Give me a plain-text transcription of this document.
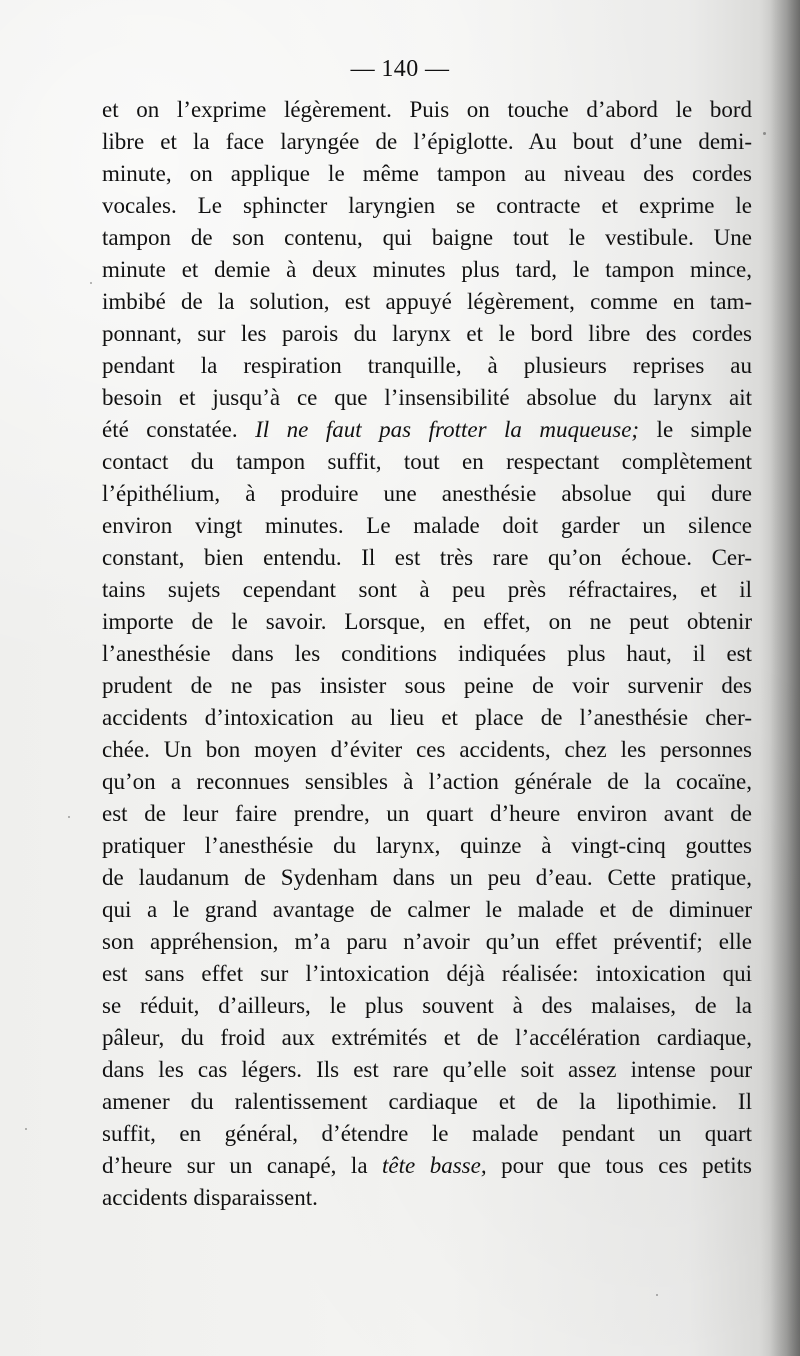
— 140 —
et on l’exprime légèrement. Puis on touche d’abord le bord
libre et la face laryngée de l’épiglotte. Au bout d’une demi-
minute, on applique le même tampon au niveau des cordes
vocales. Le sphincter laryngien se contracte et exprime le
tampon de son contenu, qui baigne tout le vestibule. Une
minute et demie à deux minutes plus tard, le tampon mince,
imbibé de la solution, est appuyé légèrement, comme en tam-
ponnant, sur les parois du larynx et le bord libre des cordes
pendant la respiration tranquille, à plusieurs reprises au
besoin et jusqu’à ce que l’insensibilité absolue du larynx ait
été constatée. Il ne faut pas frotter la muqueuse; le simple
contact du tampon suffit, tout en respectant complètement
l’épithélium, à produire une anesthésie absolue qui dure
environ vingt minutes. Le malade doit garder un silence
constant, bien entendu. Il est très rare qu’on échoue. Cer-
tains sujets cependant sont à peu près réfractaires, et il
importe de le savoir. Lorsque, en effet, on ne peut obtenir
l’anesthésie dans les conditions indiquées plus haut, il est
prudent de ne pas insister sous peine de voir survenir des
accidents d’intoxication au lieu et place de l’anesthésie cher-
chée. Un bon moyen d’éviter ces accidents, chez les personnes
qu’on a reconnues sensibles à l’action générale de la cocaïne,
est de leur faire prendre, un quart d’heure environ avant de
pratiquer l’anesthésie du larynx, quinze à vingt-cinq gouttes
de laudanum de Sydenham dans un peu d’eau. Cette pratique,
qui a le grand avantage de calmer le malade et de diminuer
son appréhension, m’a paru n’avoir qu’un effet préventif; elle
est sans effet sur l’intoxication déjà réalisée: intoxication qui
se réduit, d’ailleurs, le plus souvent à des malaises, de la
pâleur, du froid aux extrémités et de l’accélération cardiaque,
dans les cas légers. Ils est rare qu’elle soit assez intense pour
amener du ralentissement cardiaque et de la lipothimie. Il
suffit, en général, d’étendre le malade pendant un quart
d’heure sur un canapé, la tête basse, pour que tous ces petits
accidents disparaissent.
